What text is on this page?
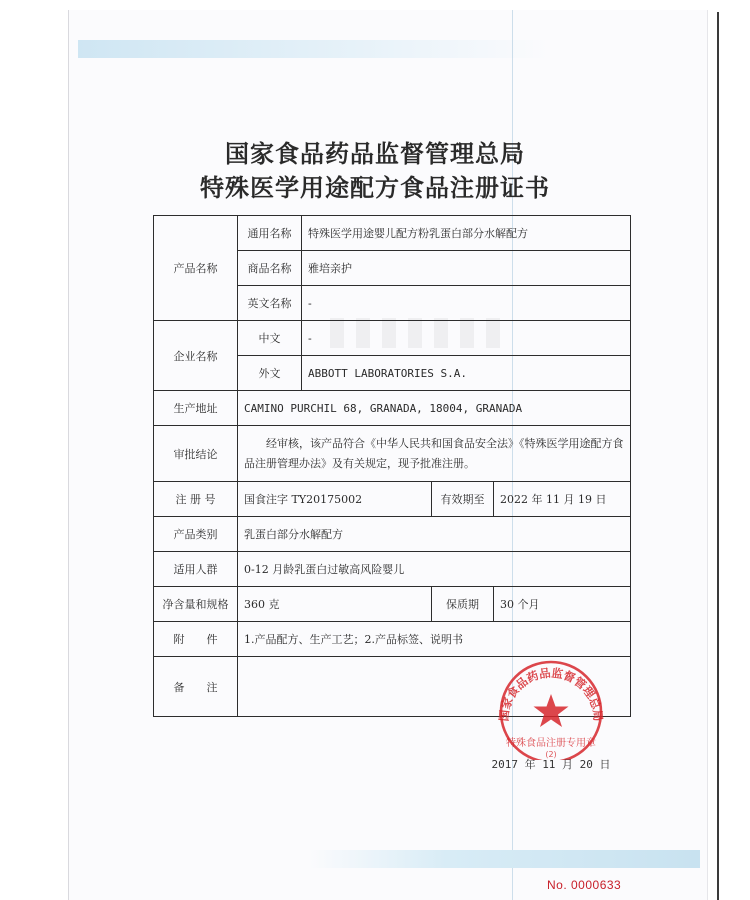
国家食品药品监督管理总局
特殊医学用途配方食品注册证书
产品名称	通用名称	特殊医学用途婴儿配方粉乳蛋白部分水解配方		
	商品名称	雅培亲护		
	英文名称	-		
企业名称	中文	-		
	外文	ABBOTT LABORATORIES S.A.		
生产地址	CAMINO PURCHIL 68, GRANADA, 18004, GRANADA			
审批结论	经审核，该产品符合《中华人民共和国食品安全法》《特殊医学用途配方食品注册管理办法》及有关规定，现予批准注册。			
注 册 号	国食注字 TY20175002		有效期至	2022 年 11 月 19 日
产品类别	乳蛋白部分水解配方			
适用人群	0-12 月龄乳蛋白过敏高风险婴儿			
净含量和规格	360 克		保质期	30 个月
附　　件	1.产品配方、生产工艺；2.产品标签、说明书			
备　　注				
国家食品药品监督管理总局
特殊食品注册专用章
(2)
2017 年 11 月 20 日
No. 0000633
